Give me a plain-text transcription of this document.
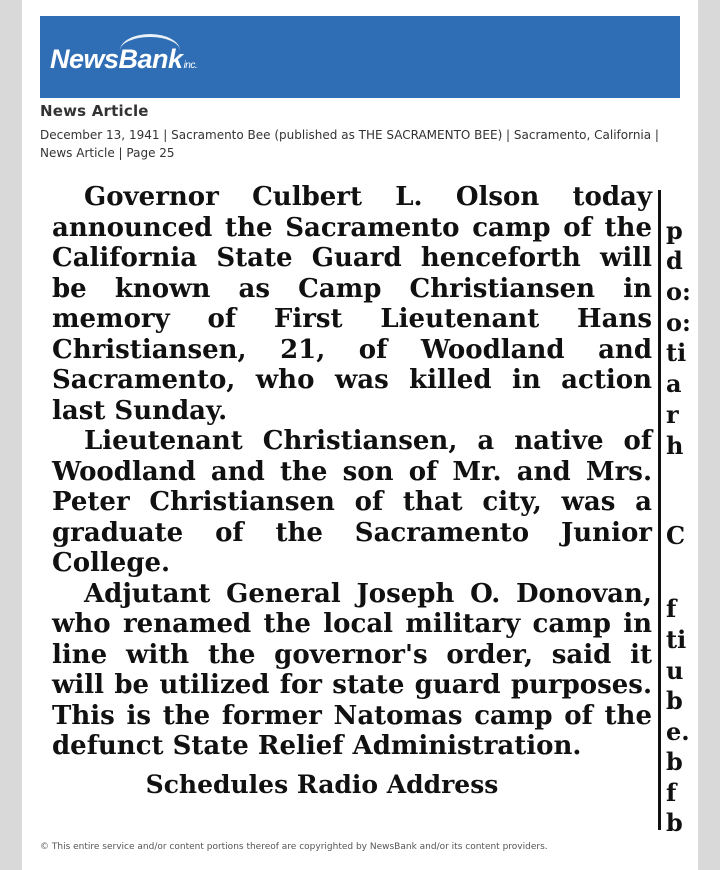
NewsBankinc.
News Article
December 13, 1941 | Sacramento Bee (published as THE SACRAMENTO BEE) | Sacramento, California | News Article | Page 25

Governor Culbert L. Olson today announced the Sacramento camp of the California State Guard henceforth will be known as Camp Christiansen in memory of First Lieutenant Hans Christiansen, 21, of Woodland and Sacramento, who was killed in action last Sunday.

Lieutenant Christiansen, a native of Woodland and the son of Mr. and Mrs. Peter Christiansen of that city, was a graduate of the Sacramento Junior College.

Adjutant General Joseph O. Donovan, who renamed the local military camp in line with the governor's order, said it will be utilized for state guard purposes. This is the former Natomas camp of the defunct State Relief Administration.

Schedules Radio Address

p
d
o:
o:
ti
a
r
h
C
f
ti
u
b
e.
b
f
b
© This entire service and/or content portions thereof are copyrighted by NewsBank and/or its content providers.
